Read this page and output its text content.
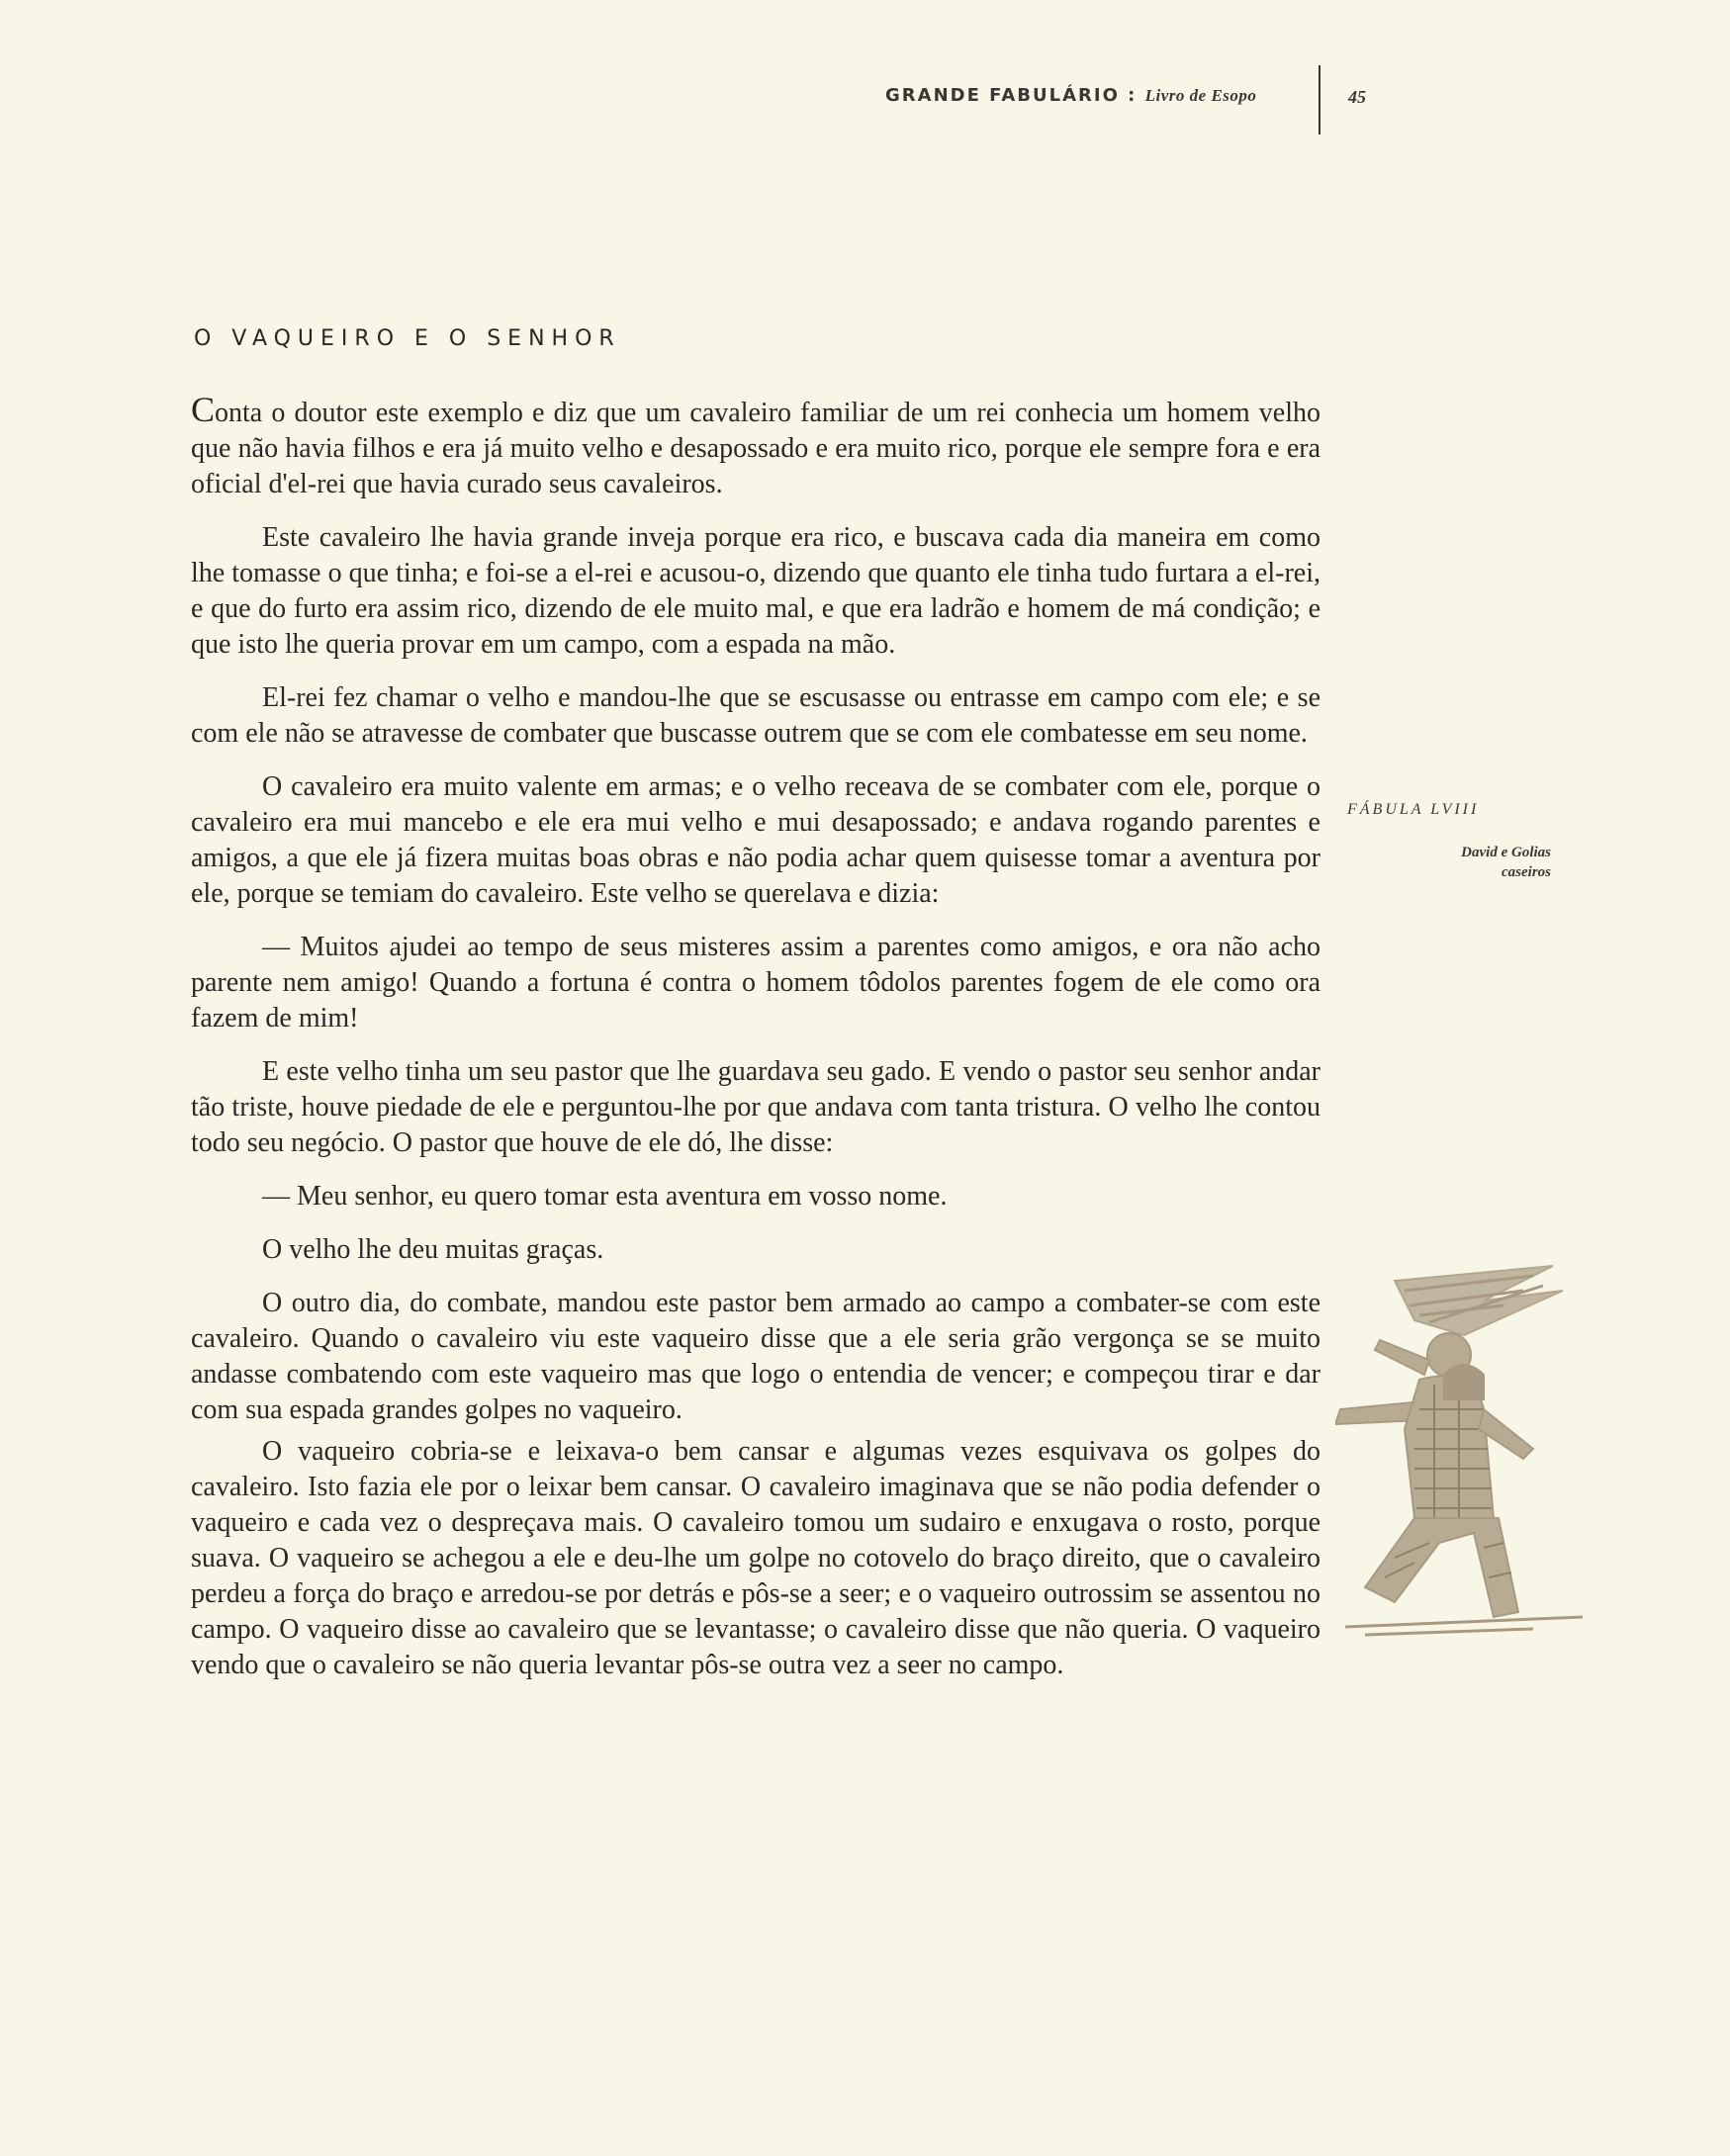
GRANDE FABULÁRIO : Livro de Esopo	45
O VAQUEIRO E O SENHOR

Conta o doutor este exemplo e diz que um cavaleiro familiar de um rei conhecia um homem velho que não havia filhos e era já muito velho e desapossado e era muito rico, porque ele sempre fora e era oficial d'el-rei que havia curado seus cavaleiros.

Este cavaleiro lhe havia grande inveja porque era rico, e buscava cada dia maneira em como lhe tomasse o que tinha; e foi-se a el-rei e acusou-o, dizendo que quanto ele tinha tudo furtara a el-rei, e que do furto era assim rico, dizendo de ele muito mal, e que era ladrão e homem de má condição; e que isto lhe queria provar em um campo, com a espada na mão.

El-rei fez chamar o velho e mandou-lhe que se escusasse ou entrasse em campo com ele; e se com ele não se atravesse de combater que buscasse outrem que se com ele combatesse em seu nome.

O cavaleiro era muito valente em armas; e o velho receava de se combater com ele, porque o cavaleiro era mui mancebo e ele era mui velho e mui desapossado; e andava rogando parentes e amigos, a que ele já fizera muitas boas obras e não podia achar quem quisesse tomar a aventura por ele, porque se temiam do cavaleiro. Este velho se querelava e dizia:

— Muitos ajudei ao tempo de seus misteres assim a parentes como amigos, e ora não acho parente nem amigo! Quando a fortuna é contra o homem tôdolos parentes fogem de ele como ora fazem de mim!

E este velho tinha um seu pastor que lhe guardava seu gado. E vendo o pastor seu senhor andar tão triste, houve piedade de ele e perguntou-lhe por que andava com tanta tristura. O velho lhe contou todo seu negócio. O pastor que houve de ele dó, lhe disse:

— Meu senhor, eu quero tomar esta aventura em vosso nome.

O velho lhe deu muitas graças.

O outro dia, do combate, mandou este pastor bem armado ao campo a combater-se com este cavaleiro. Quando o cavaleiro viu este vaqueiro disse que a ele seria grão vergonça se se muito andasse combatendo com este vaqueiro mas que logo o entendia de vencer; e compeçou tirar e dar com sua espada grandes golpes no vaqueiro.

O vaqueiro cobria-se e leixava-o bem cansar e algumas vezes esquivava os golpes do cavaleiro. Isto fazia ele por o leixar bem cansar. O cavaleiro imaginava que se não podia defender o vaqueiro e cada vez o despreçava mais. O cavaleiro tomou um sudairo e enxugava o rosto, porque suava. O vaqueiro se achegou a ele e deu-lhe um golpe no cotovelo do braço direito, que o cavaleiro perdeu a força do braço e arredou-se por detrás e pôs-se a seer; e o vaqueiro outrossim se assentou no campo. O vaqueiro disse ao cavaleiro que se levantasse; o cavaleiro disse que não queria. O vaqueiro vendo que o cavaleiro se não queria levantar pôs-se outra vez a seer no campo.

FÁBULA LVIII
David e Golias
caseiros
